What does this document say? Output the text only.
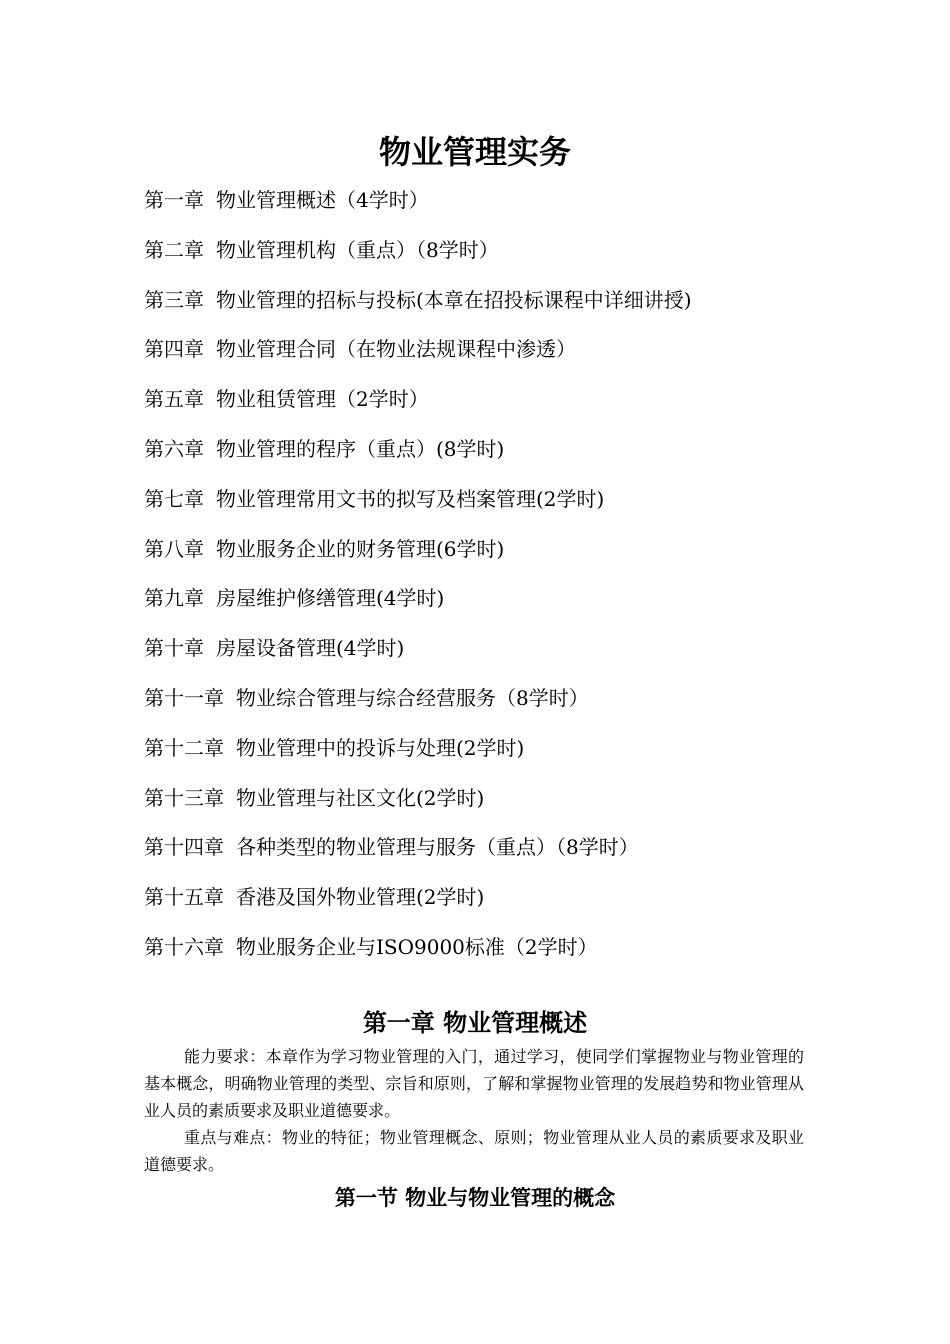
物业管理实务
第一章 物业管理概述（4学时）
第二章 物业管理机构（重点）（8学时）
第三章 物业管理的招标与投标(本章在招投标课程中详细讲授)
第四章 物业管理合同（在物业法规课程中渗透）
第五章 物业租赁管理（2学时）
第六章 物业管理的程序（重点）(8学时)
第七章 物业管理常用文书的拟写及档案管理(2学时)
第八章 物业服务企业的财务管理(6学时)
第九章 房屋维护修缮管理(4学时)
第十章 房屋设备管理(4学时)
第十一章 物业综合管理与综合经营服务（8学时）
第十二章 物业管理中的投诉与处理(2学时)
第十三章 物业管理与社区文化(2学时)
第十四章 各种类型的物业管理与服务（重点）（8学时）
第十五章 香港及国外物业管理(2学时)
第十六章 物业服务企业与ISO9000标准（2学时）
第一章 物业管理概述

能力要求：本章作为学习物业管理的入门，通过学习，使同学们掌握物业与物业管理的基本概念，明确物业管理的类型、宗旨和原则，了解和掌握物业管理的发展趋势和物业管理从业人员的素质要求及职业道德要求。

重点与难点：物业的特征；物业管理概念、原则；物业管理从业人员的素质要求及职业道德要求。

第一节 物业与物业管理的概念
